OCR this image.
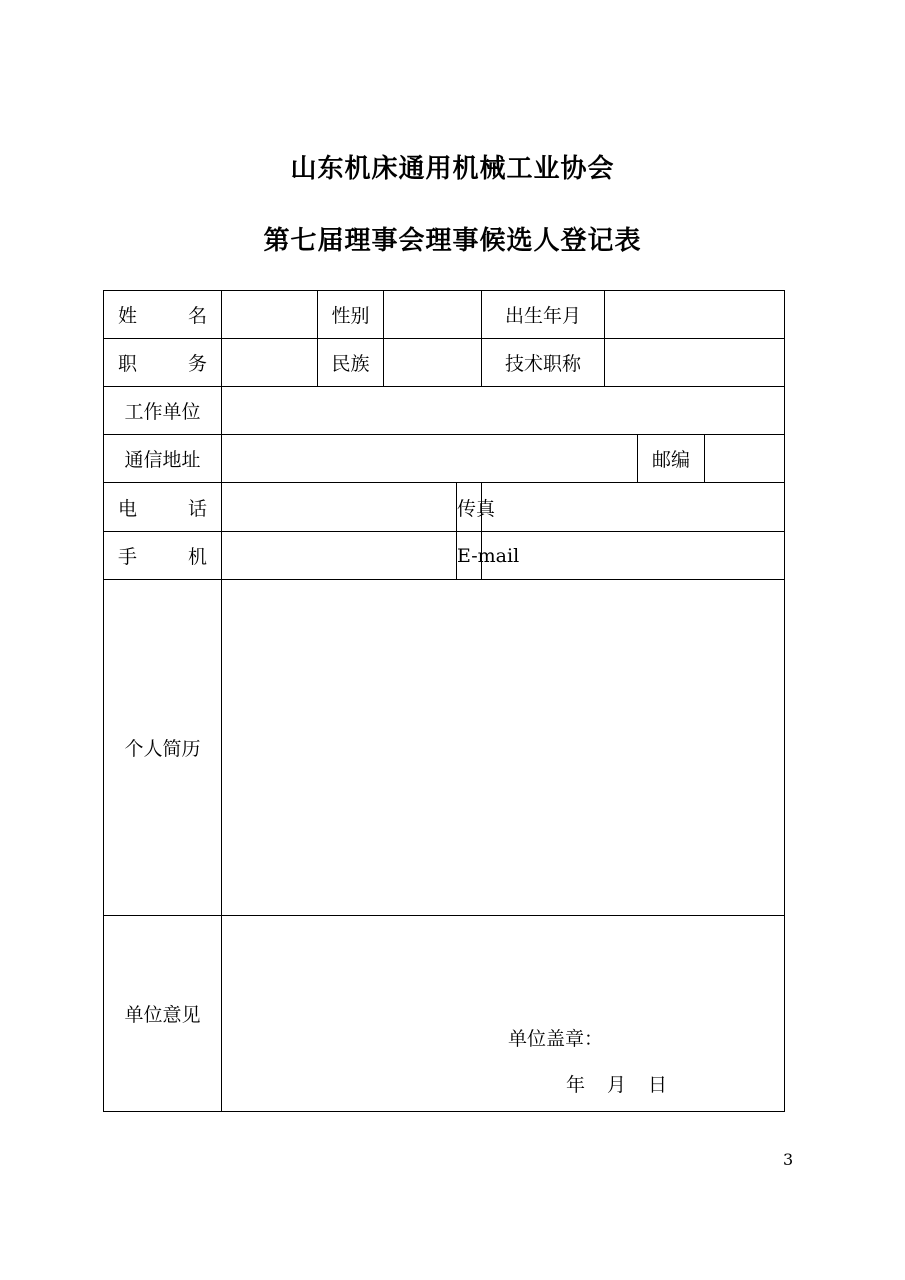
山东机床通用机械工业协会
第七届理事会理事候选人登记表
姓 名		性别			出生年月			
职 务		民族			技术职称			
工作单位								
通信地址							邮编	
电 话				传真				
手 机				E-mail				
个人简历								
单位意见	单位盖章：
年 月 日							
3
